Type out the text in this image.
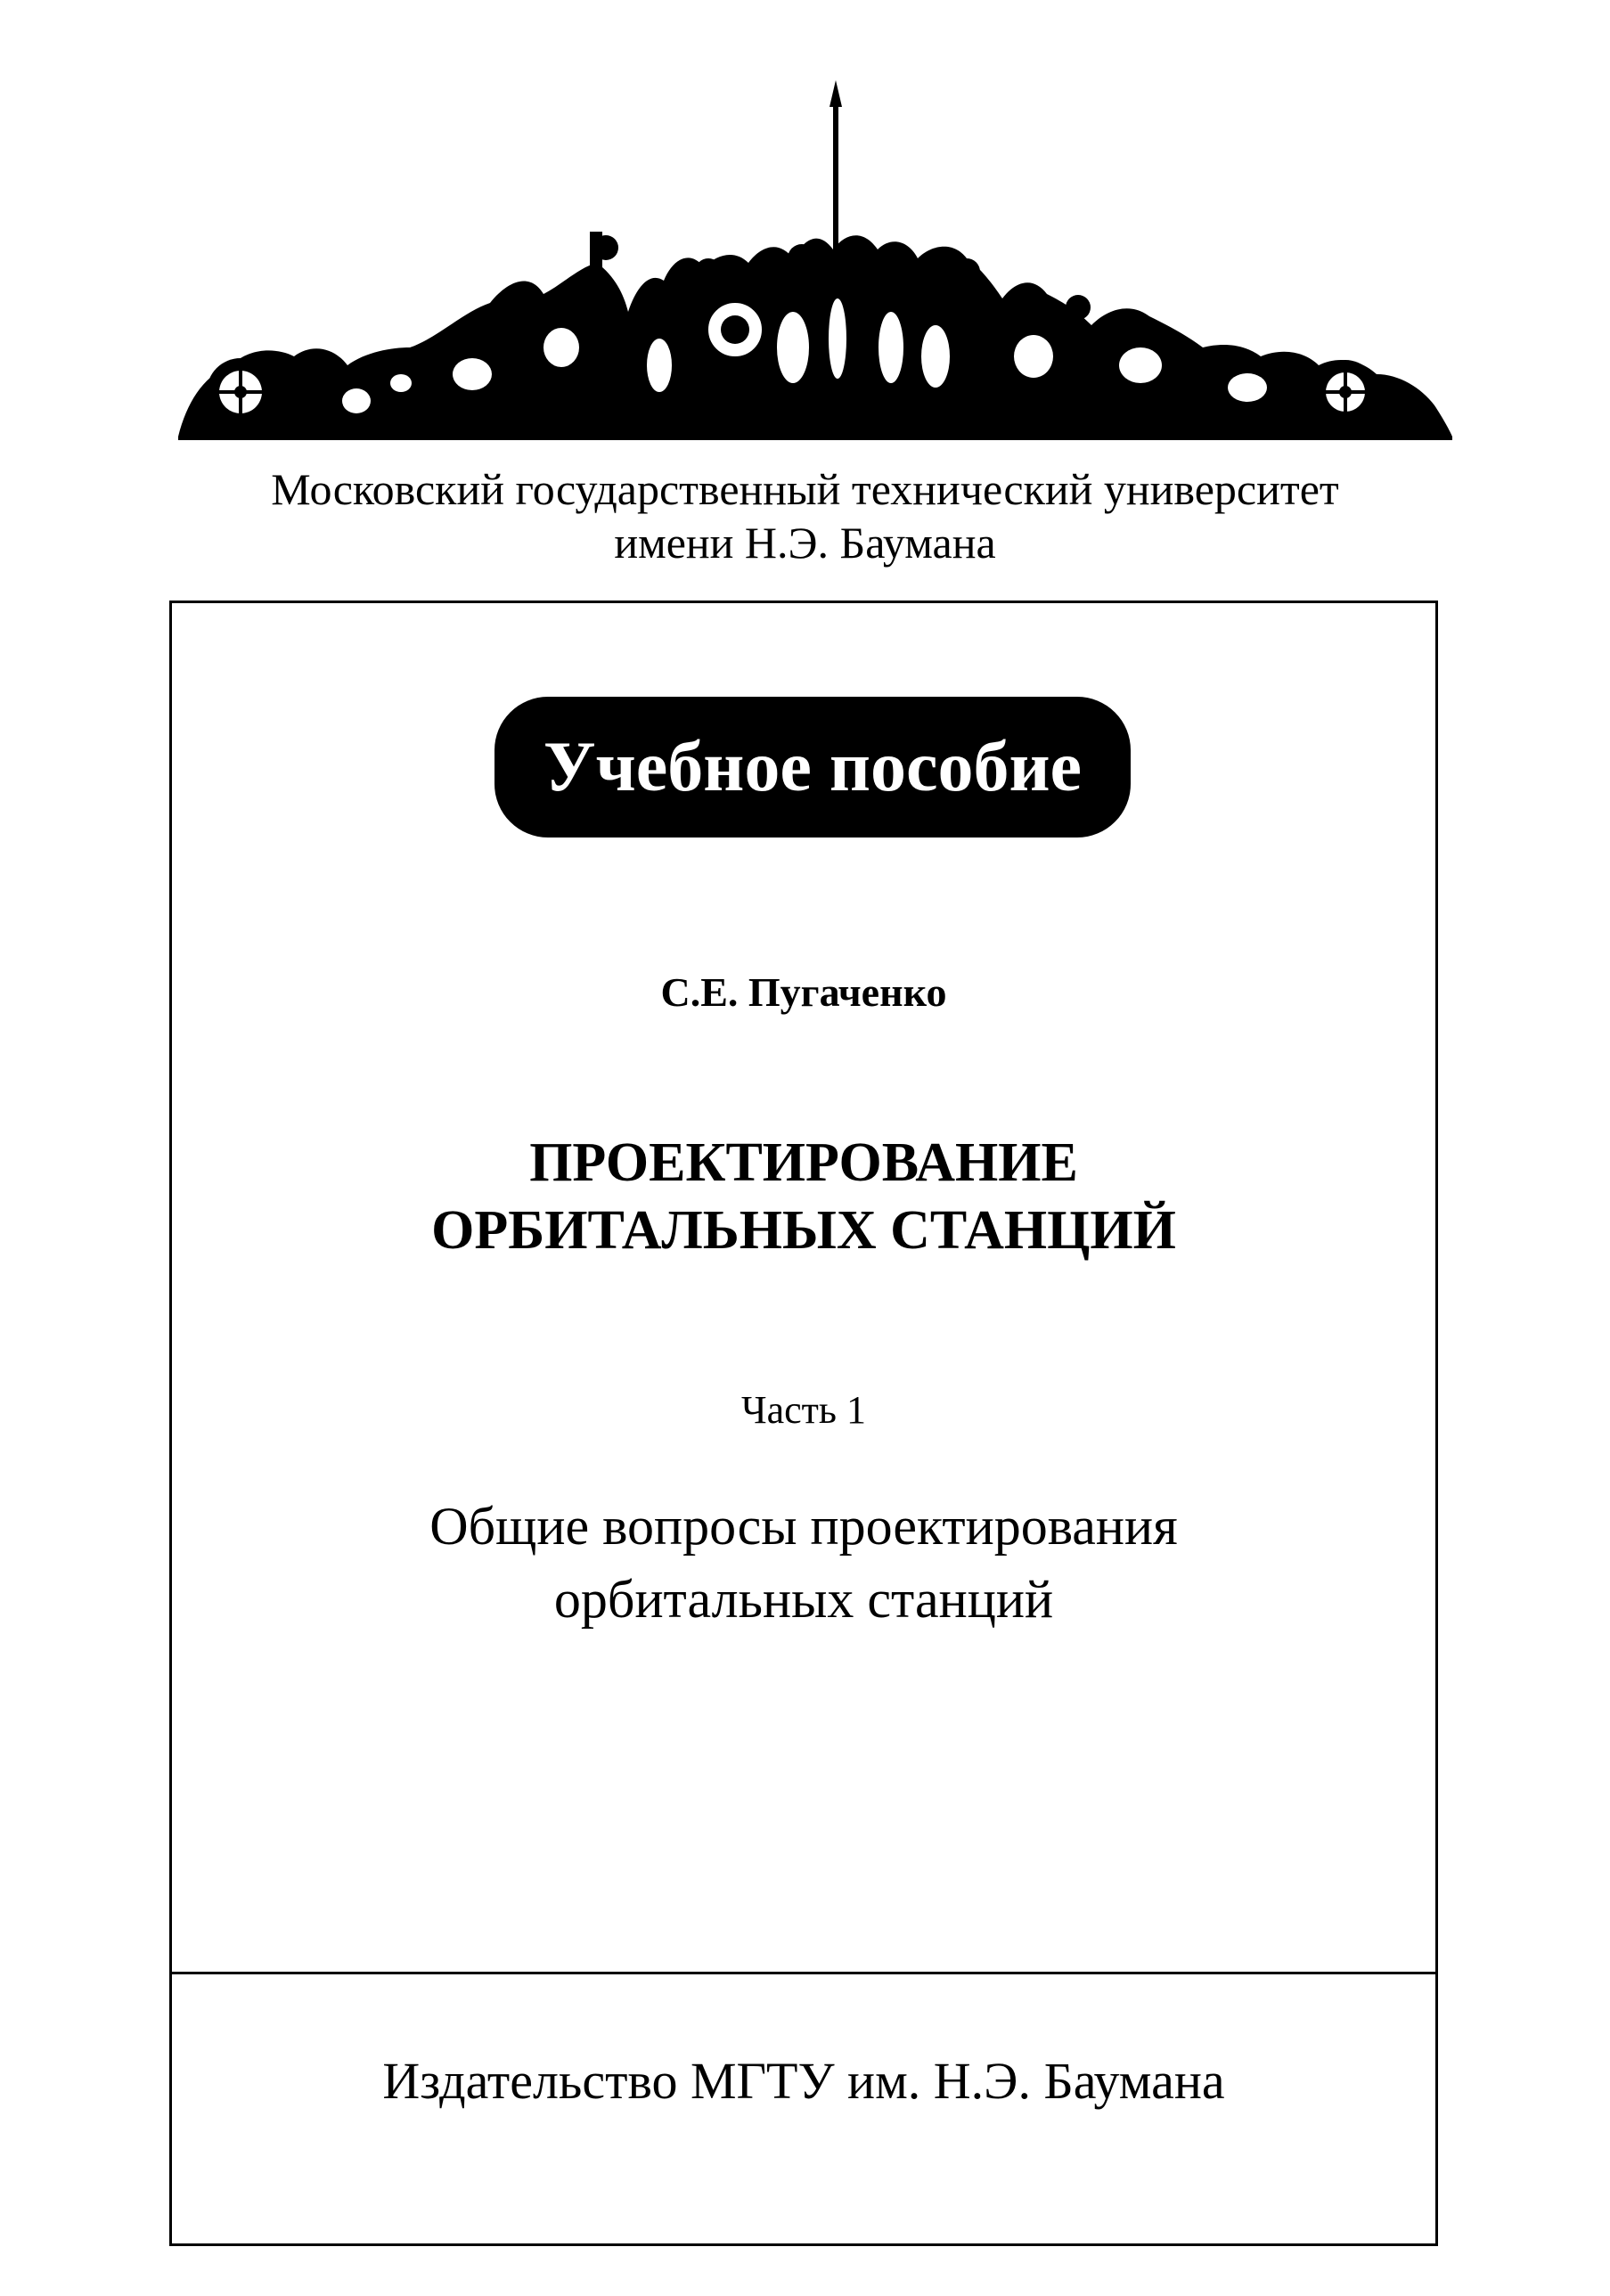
Московский государственный технический университет
имени Н.Э. Баумана
Учебное пособие
С.Е. Пугаченко
ПРОЕКТИРОВАНИЕ
ОРБИТАЛЬНЫХ СТАНЦИЙ
Часть 1
Общие вопросы проектирования
орбитальных станций
Издательство МГТУ им. Н.Э. Баумана
